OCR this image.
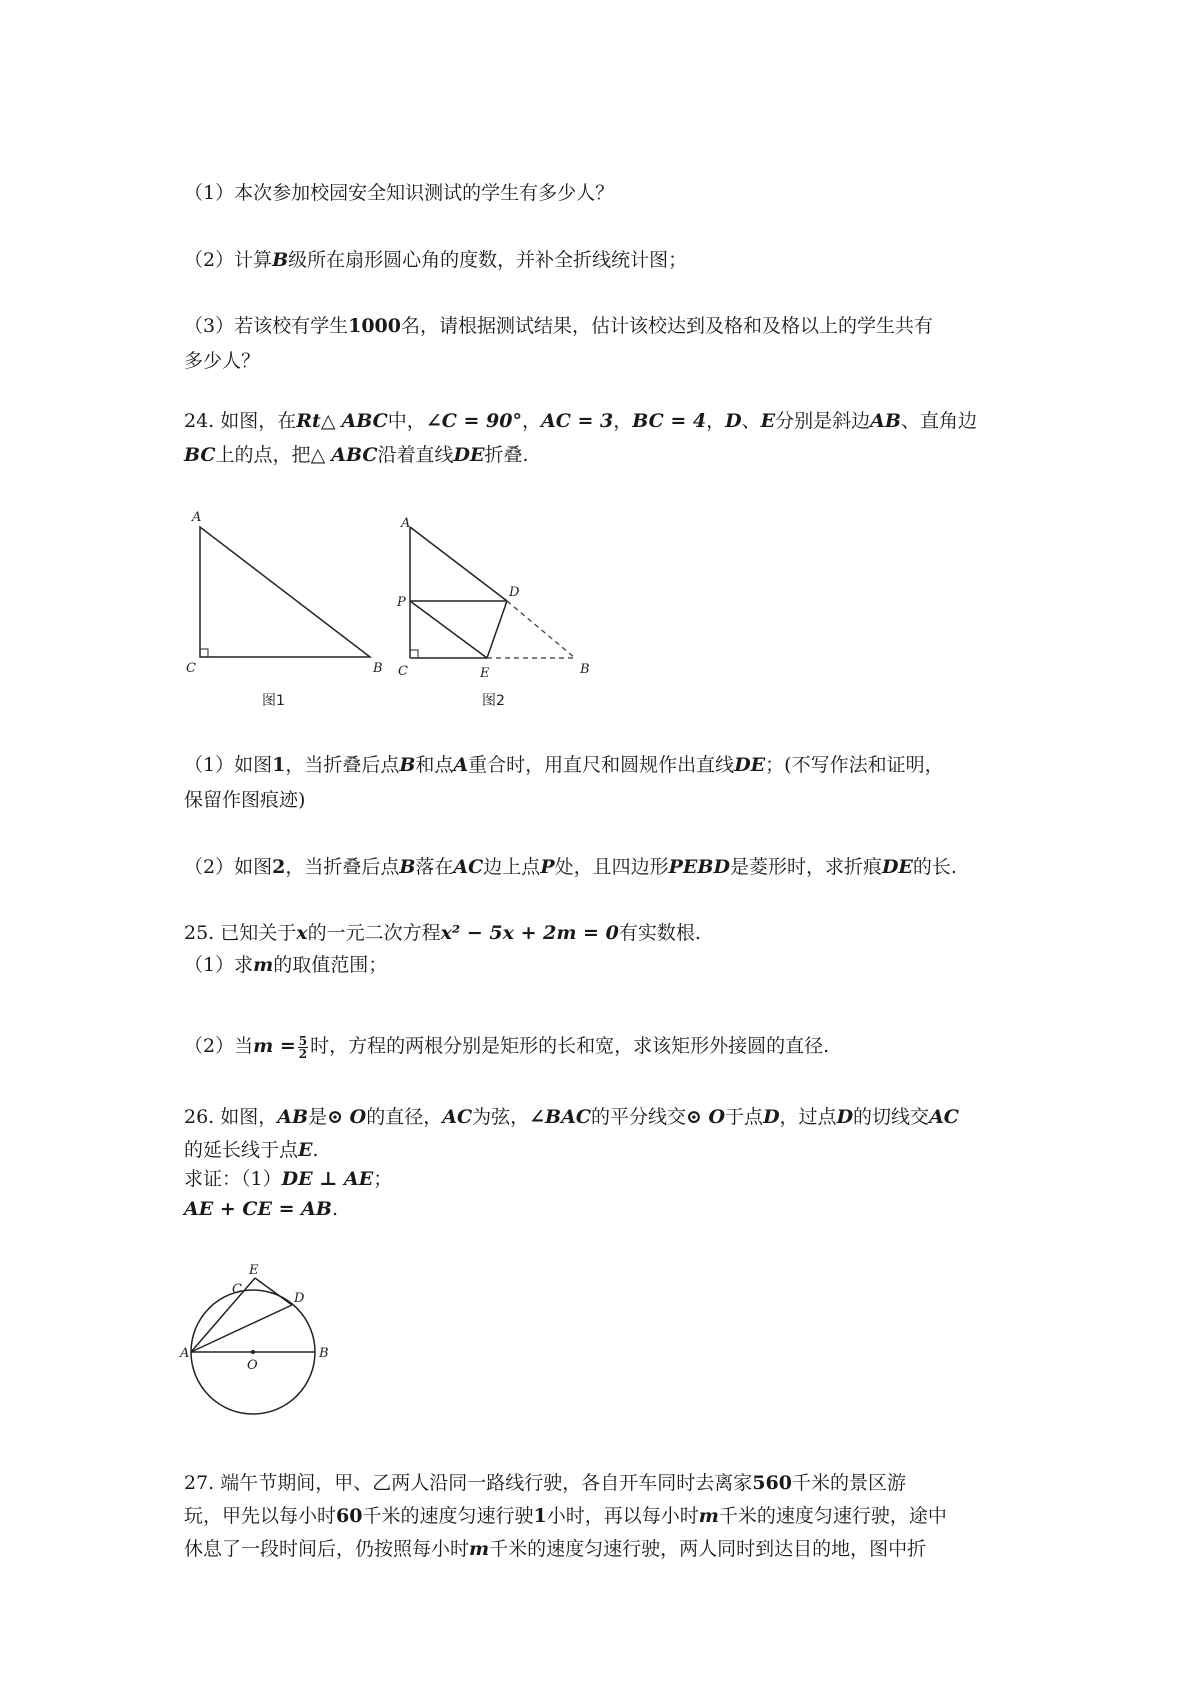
（1）本次参加校园安全知识测试的学生有多少人？

（2）计算B级所在扇形圆心角的度数，并补全折线统计图；

（3）若该校有学生1000名，请根据测试结果，估计该校达到及格和及格以上的学生共有

多少人？

24. 如图，在Rt△ ABC中，∠C = 90°，AC = 3，BC = 4，D、E分别是斜边AB、直角边

BC上的点，把△ ABC沿着直线DE折叠.

A
C	B
图1
A
P
D
C	E	B
图2

（1）如图1，当折叠后点B和点A重合时，用直尺和圆规作出直线DE；(不写作法和证明，

保留作图痕迹)

（2）如图2，当折叠后点B落在AC边上点P处，且四边形PEBD是菱形时，求折痕DE的长.

25. 已知关于x的一元二次方程x² − 5x + 2m = 0有实数根.

（1）求m的取值范围；

（2）当$m = \frac{5}{2}$ 时，方程的两根分别是矩形的长和宽，求该矩形外接圆的直径.

26. 如图，AB是⊙ O的直径，AC为弦，∠BAC的平分线交⊙ O于点D，过点D的切线交AC

的延长线于点E.

求证：（1）DE ⊥ AE；

AE + CE = AB.

E
C
D
A
O
B

27. 端午节期间，甲、乙两人沿同一路线行驶，各自开车同时去离家560千米的景区游

玩，甲先以每小时60千米的速度匀速行驶1小时，再以每小时m千米的速度匀速行驶，途中

休息了一段时间后，仍按照每小时m千米的速度匀速行驶，两人同时到达目的地，图中折
